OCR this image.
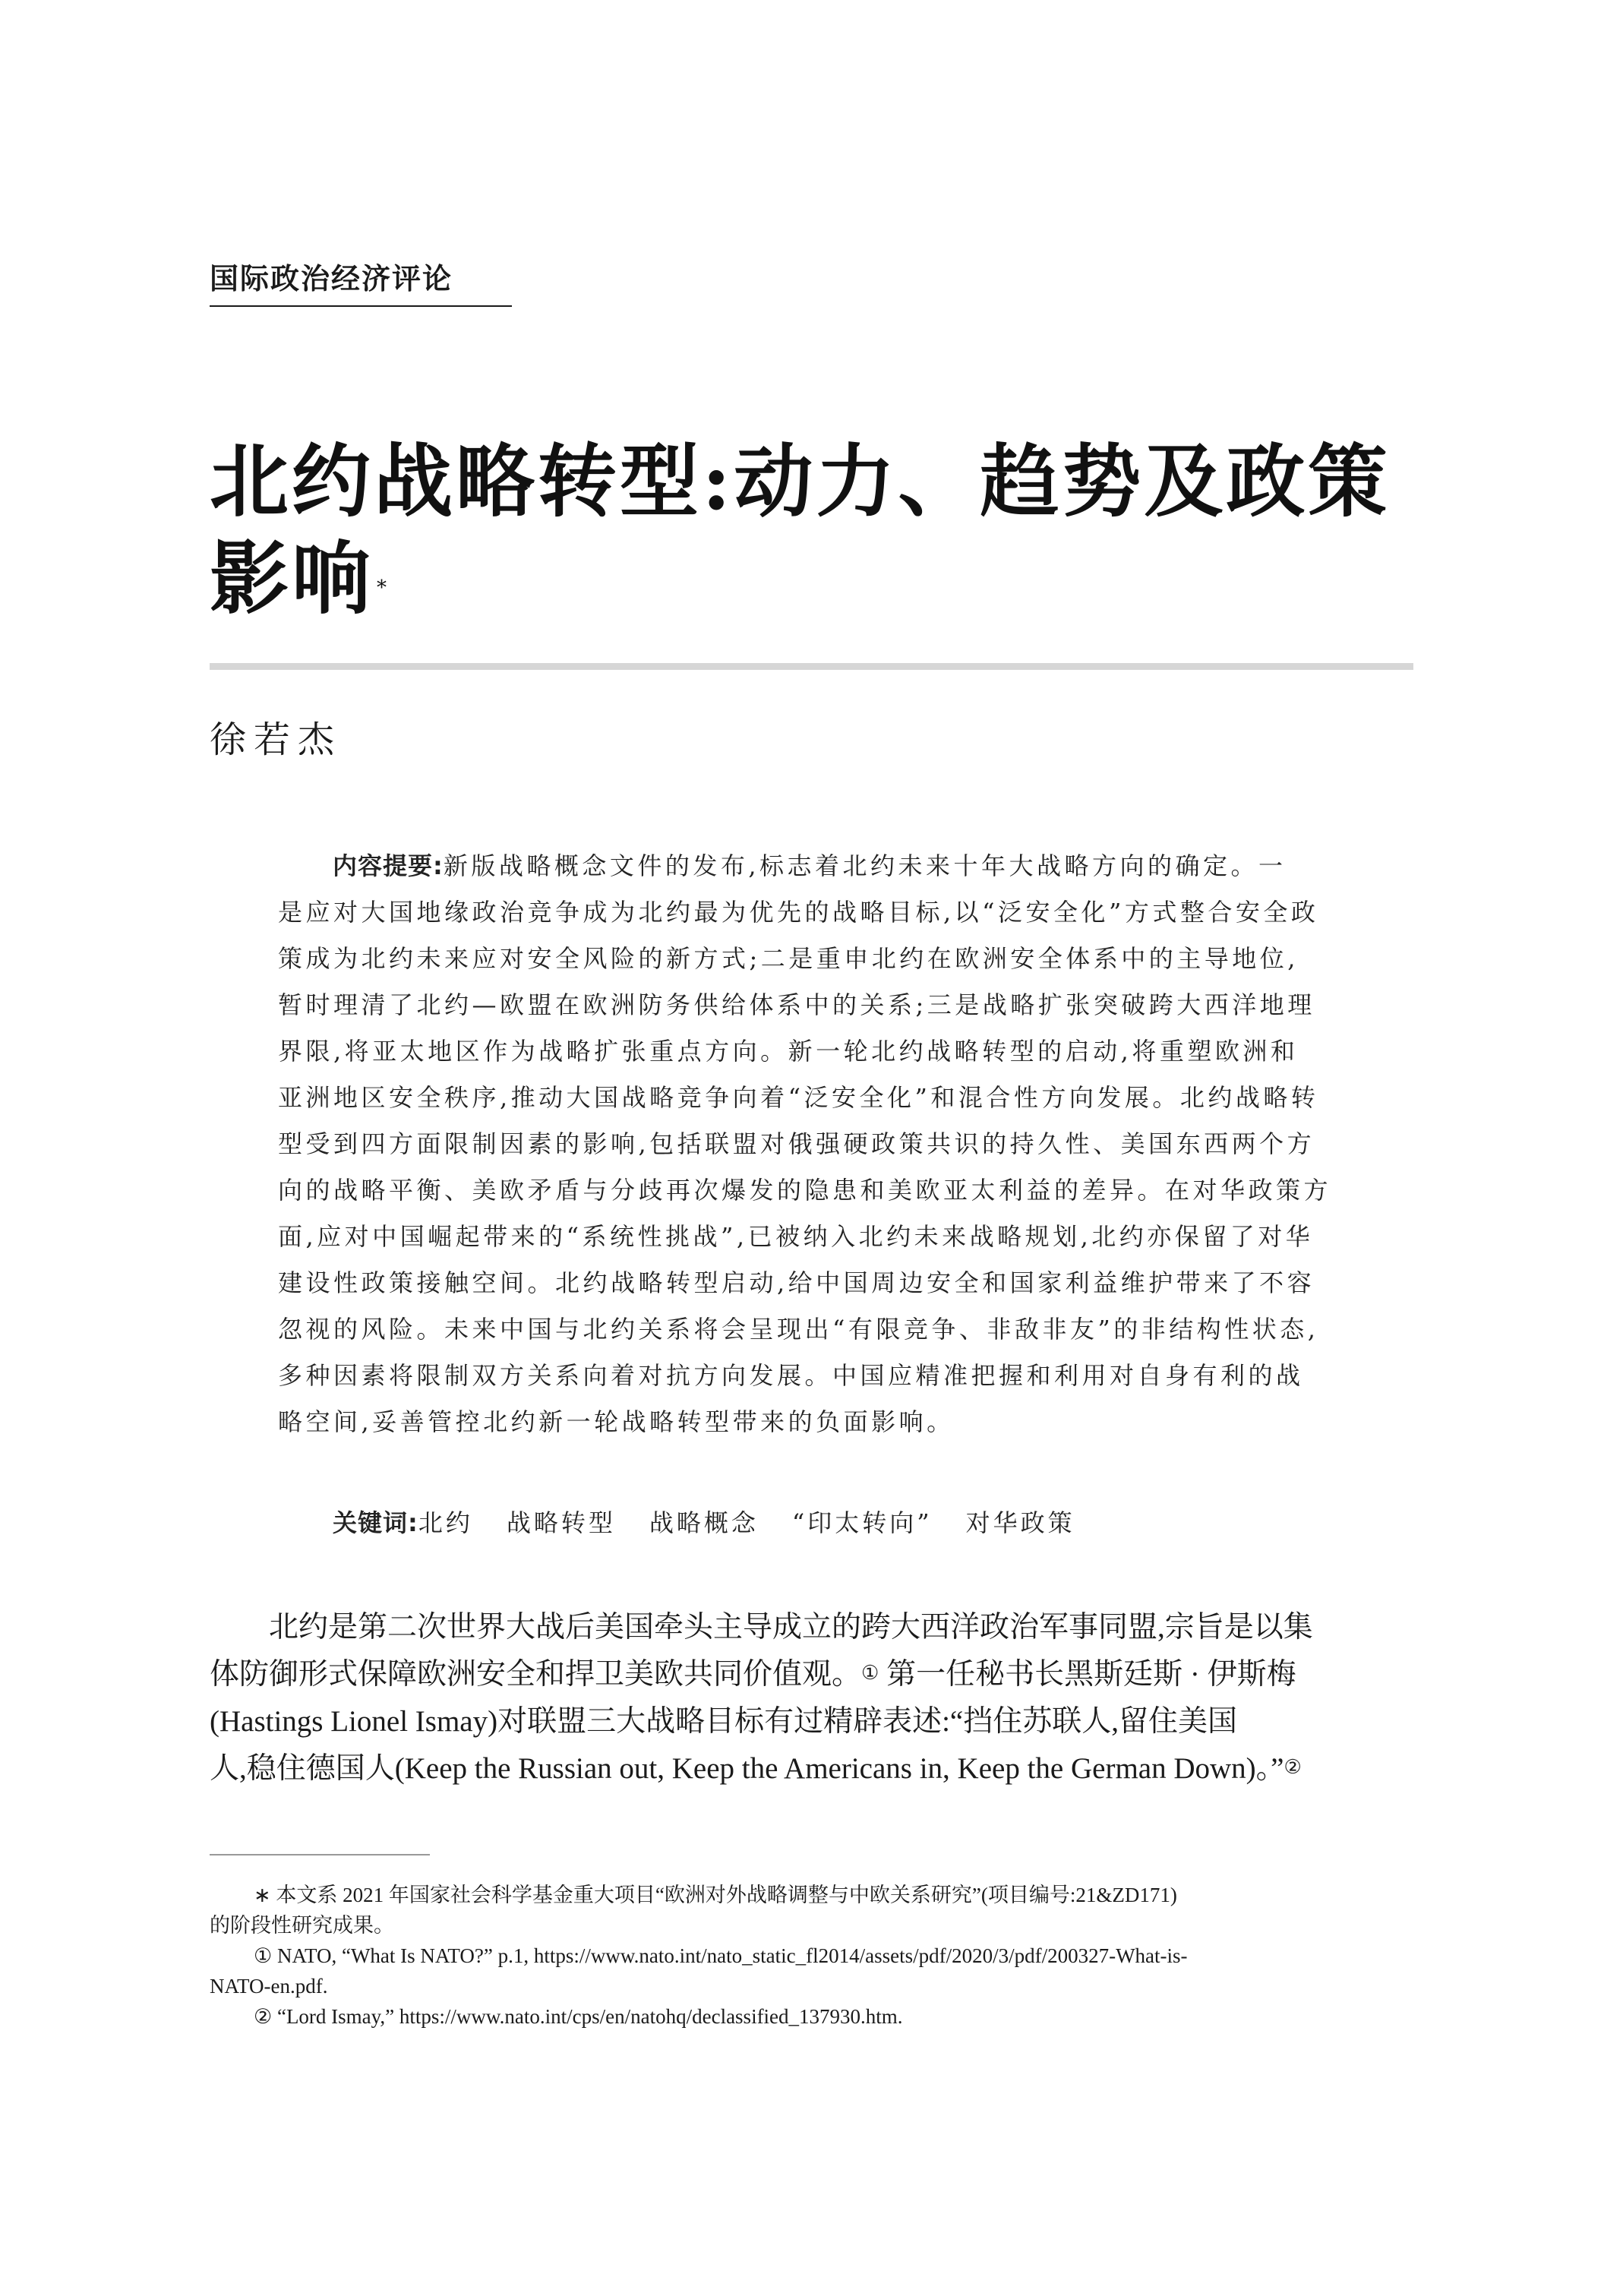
国际政治经济评论
北约战略转型:动力、趋势及政策
影响 *
徐若杰
内容提要:新版战略概念文件的发布,标志着北约未来十年大战略方向的确定。一
是应对大国地缘政治竞争成为北约最为优先的战略目标,以“泛安全化”方式整合安全政
策成为北约未来应对安全风险的新方式;二是重申北约在欧洲安全体系中的主导地位,
暂时理清了北约—欧盟在欧洲防务供给体系中的关系;三是战略扩张突破跨大西洋地理
界限,将亚太地区作为战略扩张重点方向。新一轮北约战略转型的启动,将重塑欧洲和
亚洲地区安全秩序,推动大国战略竞争向着“泛安全化”和混合性方向发展。北约战略转
型受到四方面限制因素的影响,包括联盟对俄强硬政策共识的持久性、美国东西两个方
向的战略平衡、美欧矛盾与分歧再次爆发的隐患和美欧亚太利益的差异。在对华政策方
面,应对中国崛起带来的“系统性挑战”,已被纳入北约未来战略规划,北约亦保留了对华
建设性政策接触空间。北约战略转型启动,给中国周边安全和国家利益维护带来了不容
忽视的风险。未来中国与北约关系将会呈现出“有限竞争、非敌非友”的非结构性状态,
多种因素将限制双方关系向着对抗方向发展。中国应精准把握和利用对自身有利的战
略空间,妥善管控北约新一轮战略转型带来的负面影响。
关键词:北约 战略转型 战略概念 “印太转向” 对华政策
北约是第二次世界大战后美国牵头主导成立的跨大西洋政治军事同盟,宗旨是以集
体防御形式保障欧洲安全和捍卫美欧共同价值观。① 第一任秘书长黑斯廷斯 · 伊斯梅
(Hastings Lionel Ismay)对联盟三大战略目标有过精辟表述:“挡住苏联人,留住美国
人,稳住德国人(Keep the Russian out, Keep the Americans in, Keep the German Down)。”②
∗ 本文系 2021 年国家社会科学基金重大项目“欧洲对外战略调整与中欧关系研究”(项目编号:21&ZD171)
的阶段性研究成果。
① NATO, “What Is NATO?” p.1, https://www.nato.int/nato_static_fl2014/assets/pdf/2020/3/pdf/200327-What-is-
NATO-en.pdf.
② “Lord Ismay,” https://www.nato.int/cps/en/natohq/declassified_137930.htm.
